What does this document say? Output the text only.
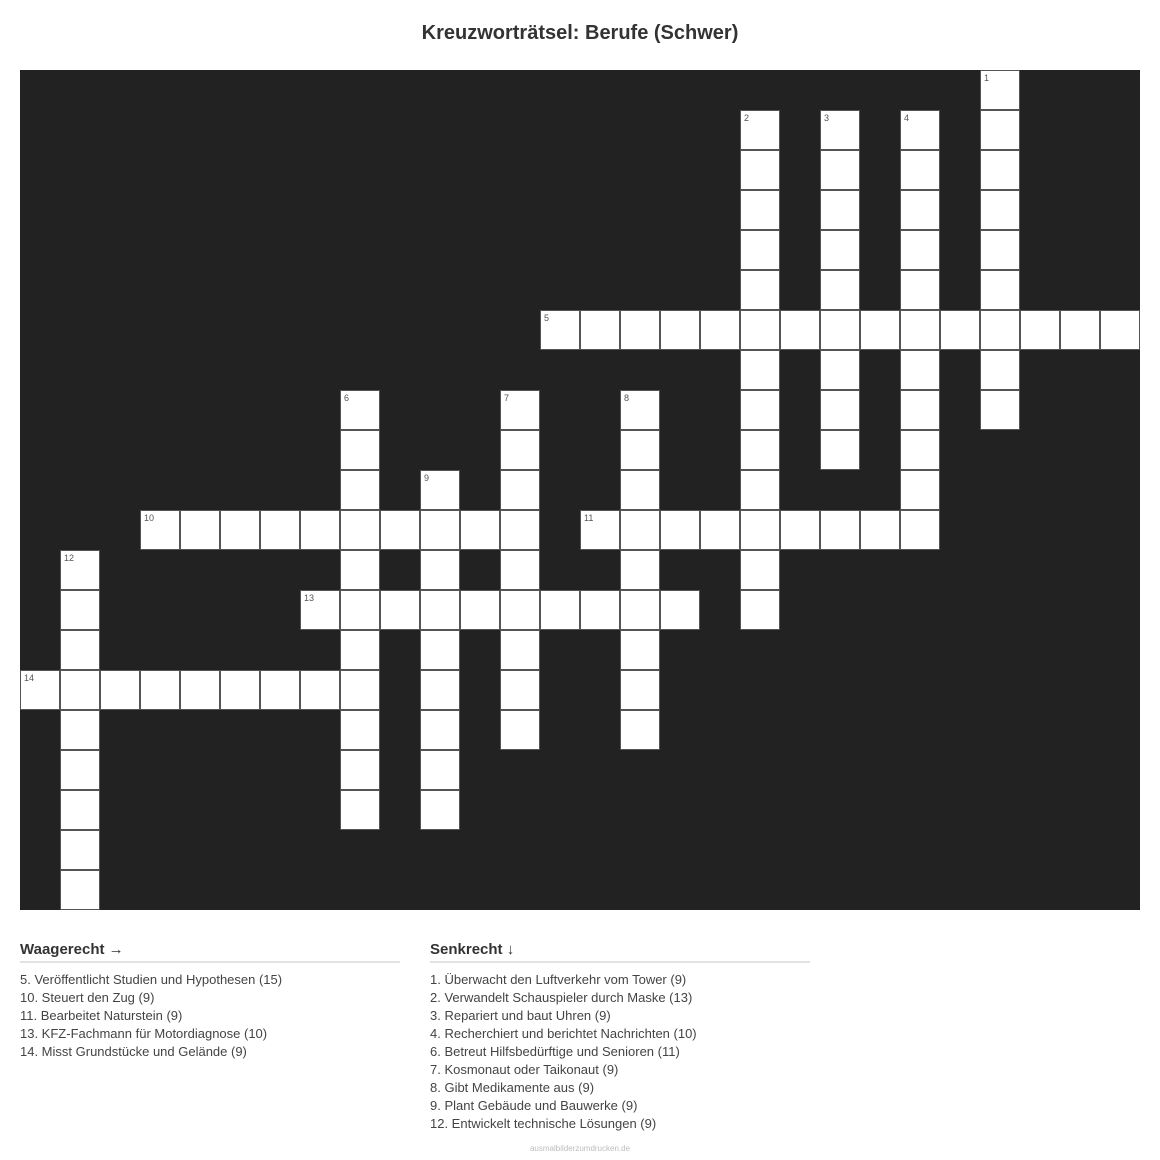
Kreuzworträtsel: Berufe (Schwer)
1
2	3	4
5
6	7	8
9
10	11
12
13
14
Waagerecht →
5. Veröffentlicht Studien und Hypothesen (15)
10. Steuert den Zug (9)
11. Bearbeitet Naturstein (9)
13. KFZ-Fachmann für Motordiagnose (10)
14. Misst Grundstücke und Gelände (9)
Senkrecht ↓
1. Überwacht den Luftverkehr vom Tower (9)
2. Verwandelt Schauspieler durch Maske (13)
3. Repariert und baut Uhren (9)
4. Recherchiert und berichtet Nachrichten (10)
6. Betreut Hilfsbedürftige und Senioren (11)
7. Kosmonaut oder Taikonaut (9)
8. Gibt Medikamente aus (9)
9. Plant Gebäude und Bauwerke (9)
12. Entwickelt technische Lösungen (9)
ausmalbilderzumdrucken.de
